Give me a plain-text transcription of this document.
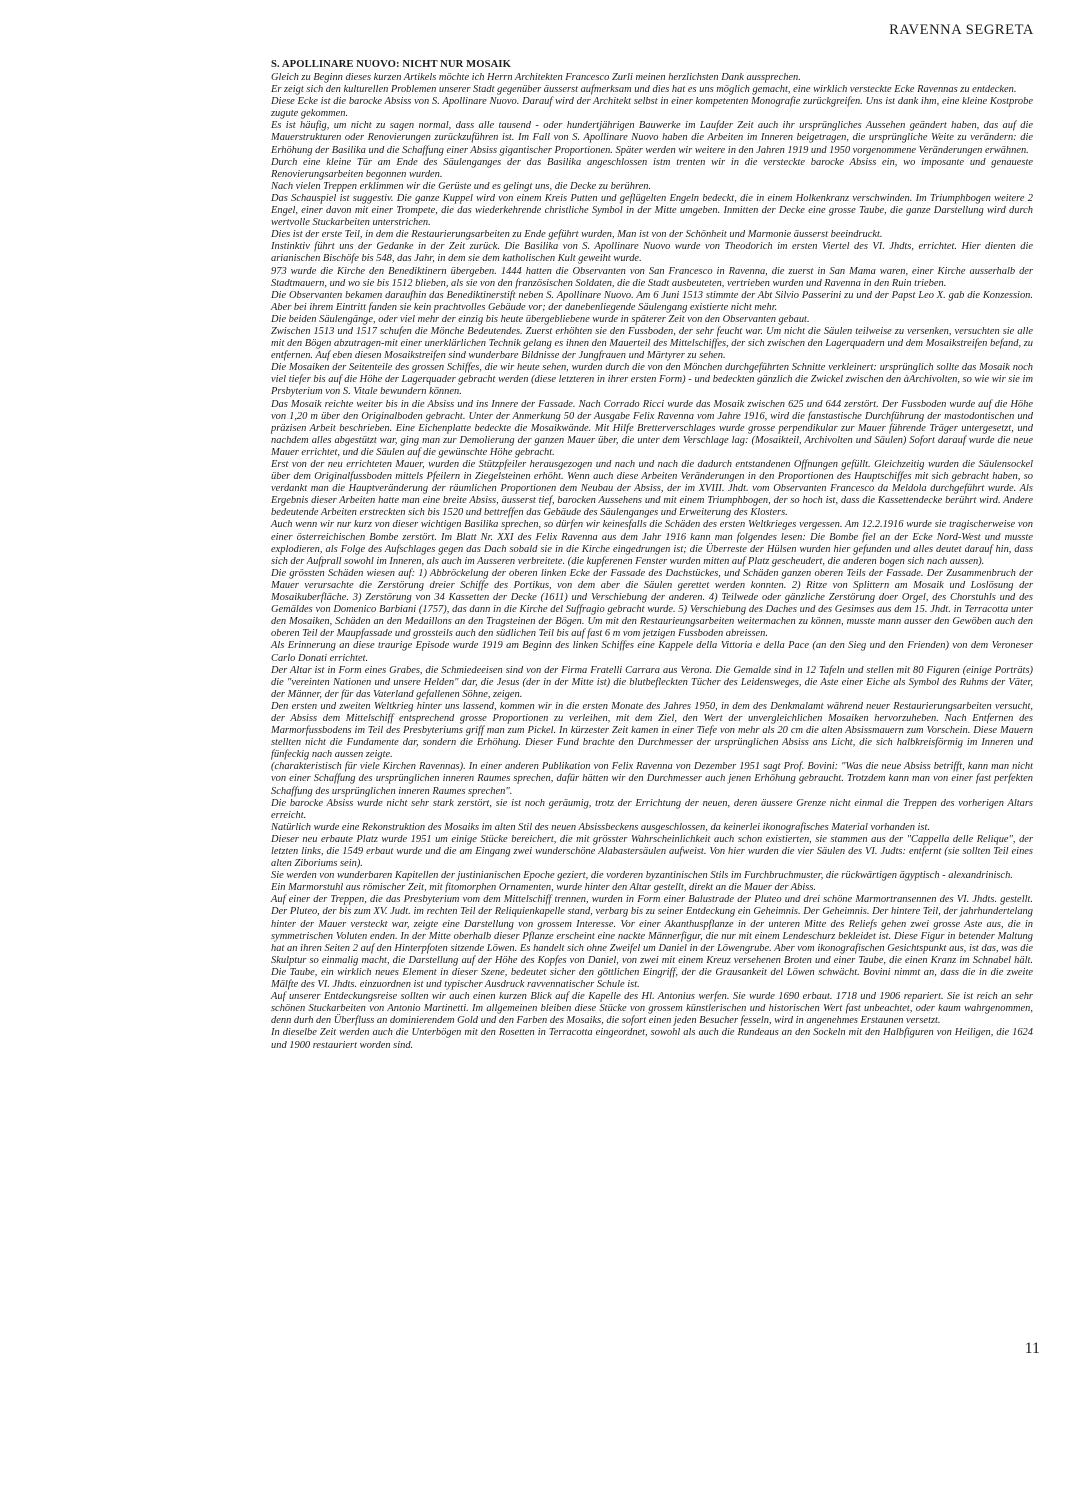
RAVENNA SEGRETA
S. APOLLINARE NUOVO: NICHT NUR MOSAIK

Gleich zu Beginn dieses kurzen Artikels möchte ich Herrn Architekten Francesco Zurli meinen herzlichsten Dank aussprechen.

Er zeigt sich den kulturellen Problemen unserer Stadt gegenüber äusserst aufmerksam und dies hat es uns möglich gemacht, eine wirklich versteckte Ecke Ravennas zu entdecken.

Diese Ecke ist die barocke Absiss von S. Apollinare Nuovo. Darauf wird der Architekt selbst in einer kompetenten Monografie zurückgreifen. Uns ist dank ihm, eine kleine Kostprobe zugute gekommen.

Es ist häufig, um nicht zu sagen normal, dass alle tausend - oder hundertjährigen Bauwerke im Laufder Zeit auch ihr ursprüngliches Aussehen geändert haben, das auf die Mauerstrukturen oder Renovierungen zurückzuführen ist. Im Fall von S. Apollinare Nuovo haben die Arbeiten im Inneren beigetragen, die ursprüngliche Weite zu verändern: die Erhöhung der Basilika und die Schaffung einer Absiss gigantischer Proportionen. Später werden wir weitere in den Jahren 1919 und 1950 vorgenommene Veränderungen erwähnen.

Durch eine kleine Tür am Ende des Säulenganges der das Basilika angeschlossen istm trenten wir in die versteckte barocke Absiss ein, wo imposante und genaueste Renovierungsarbeiten begonnen wurden.

Nach vielen Treppen erklimmen wir die Gerüste und es gelingt uns, die Decke zu berühren.

Das Schauspiel ist suggestiv. Die ganze Kuppel wird von einem Kreis Putten und geflügelten Engeln bedeckt, die in einem Holkenkranz verschwinden. Im Triumphbogen weitere 2 Engel, einer davon mit einer Trompete, die das wiederkehrende christliche Symbol in der Mitte umgeben. Inmitten der Decke eine grosse Taube, die ganze Darstellung wird durch wertvolle Stuckarbeiten unterstrichen.

Dies ist der erste Teil, in dem die Restaurierungsarbeiten zu Ende geführt wurden, Man ist von der Schönheit und Marmonie äusserst beeindruckt.

Instinktiv führt uns der Gedanke in der Zeit zurück. Die Basilika von S. Apollinare Nuovo wurde von Theodorich im ersten Viertel des VI. Jhdts, errichtet. Hier dienten die arianischen Bischöfe bis 548, das Jahr, in dem sie dem katholischen Kult geweiht wurde.

973 wurde die Kirche den Benediktinern übergeben. 1444 hatten die Observanten von San Francesco in Ravenna, die zuerst in San Mama waren, einer Kirche ausserhalb der Stadtmauern, und wo sie bis 1512 blieben, als sie von den französischen Soldaten, die die Stadt ausbeuteten, vertrieben wurden und Ravenna in den Ruin trieben.

Die Observanten bekamen daraufhin das Benediktinerstift neben S. Apollinare Nuovo. Am 6 Juni 1513 stimmte der Abt Silvio Passerini zu und der Papst Leo X. gab die Konzession. Aber bei ihrem Eintritt fanden sie kein prachtvolles Gebäude vor; der danebenliegende Säulengang existierte nicht mehr.

Die beiden Säulengänge, oder viel mehr der einzig bis heute übergebliebene wurde in späterer Zeit von den Observanten gebaut.

Zwischen 1513 und 1517 schufen die Mönche Bedeutendes. Zuerst erhöhten sie den Fussboden, der sehr feucht war. Um nicht die Säulen teilweise zu versenken, versuchten sie alle mit den Bögen abzutragen-mit einer unerklärlichen Technik gelang es ihnen den Mauerteil des Mittelschiffes, der sich zwischen den Lagerquadern und dem Mosaikstreifen befand, zu entfernen. Auf eben diesen Mosaikstreifen sind wunderbare Bildnisse der Jungfrauen und Märtyrer zu sehen.

Die Mosaiken der Seitenteile des grossen Schiffes, die wir heute sehen, wurden durch die von den Mönchen durchgeführten Schnitte verkleinert: ursprünglich sollte das Mosaik noch viel tiefer bis auf die Höhe der Lagerquader gebracht werden (diese letzteren in ihrer ersten Form) - und bedeckten gänzlich die Zwickel zwischen den àArchivolten, so wie wir sie im Prsbyterium von S. Vitale bewundern können.

Das Mosaik reichte weiter bis in die Absiss und ins Innere der Fassade. Nach Corrado Ricci wurde das Mosaik zwischen 625 und 644 zerstört. Der Fussboden wurde auf die Höhe von 1,20 m über den Originalboden gebracht. Unter der Anmerkung 50 der Ausgabe Felix Ravenna vom Jahre 1916, wird die fanstastische Durchführung der mastodontischen und präzisen Arbeit beschrieben. Eine Eichenplatte bedeckte die Mosaikwände. Mit Hilfe Bretterverschlages wurde grosse perpendikular zur Mauer führende Träger untergesetzt, und nachdem alles abgestützt war, ging man zur Demolierung der ganzen Mauer über, die unter dem Verschlage lag: (Mosaikteil, Archivolten und Säulen) Sofort darauf wurde die neue Mauer errichtet, und die Säulen auf die gewünschte Höhe gebracht.

Erst von der neu errichteten Mauer, wurden die Stützpfeiler herausgezogen und nach und nach die dadurch entstandenen Offnungen gefüllt. Gleichzeitig wurden die Säulensockel über dem Originalfussboden mittels Pfeilern in Ziegelsteinen erhöht. Wenn auch diese Arbeiten Veränderungen in den Proportionen des Hauptschiffes mit sich gebracht haben, so verdankt man die Hauptveränderung der räumlichen Proportionen dem Neubau der Absiss, der im XVIII. Jhdt. vom Observanten Francesco da Meldola durchgeführt wurde. Als Ergebnis dieser Arbeiten hatte man eine breite Absiss, äusserst tief, barocken Aussehens und mit einem Triumphbogen, der so hoch ist, dass die Kassettendecke berührt wird. Andere bedeutende Arbeiten erstreckten sich bis 1520 und bettreffen das Gebäude des Säulenganges und Erweiterung des Klosters.

Auch wenn wir nur kurz von dieser wichtigen Basilika sprechen, so dürfen wir keinesfalls die Schäden des ersten Weltkrieges vergessen. Am 12.2.1916 wurde sie tragischerweise von einer österreichischen Bombe zerstört. Im Blatt Nr. XXI des Felix Ravenna aus dem Jahr 1916 kann man folgendes lesen: Die Bombe fiel an der Ecke Nord-West und musste explodieren, als Folge des Aufschlages gegen das Dach sobald sie in die Kirche eingedrungen ist; die Überreste der Hülsen wurden hier gefunden und alles deutet darauf hin, dass sich der Aufprall sowohl im Inneren, als auch im Ausseren verbreitete. (die kupferenen Fenster wurden mitten auf Platz gescheudert, die anderen bogen sich nach aussen).

Die grössten Schäden wiesen auf: 1) Abbröckelung der oberen linken Ecke der Fassade des Dachstückes, und Schäden ganzen oberen Teils der Fassade. Der Zusammenbruch der Mauer verursachte die Zerstörung dreier Schiffe des Portikus, von dem aber die Säulen gerettet werden konnten. 2) Ritze von Splittern am Mosaik und Loslösung der Mosaikuberfläche. 3) Zerstörung von 34 Kassetten der Decke (1611) und Verschiebung der anderen. 4) Teilwede oder gänzliche Zerstörung doer Orgel, des Chorstuhls und des Gemäldes von Domenico Barbiani (1757), das dann in die Kirche del Suffragio gebracht wurde. 5) Verschiebung des Daches und des Gesimses aus dem 15. Jhdt. in Terracotta unter den Mosaiken, Schäden an den Medaillons an den Tragsteinen der Bögen. Um mit den Restaurieungsarbeiten weitermachen zu können, musste mann ausser den Gewöben auch den oberen Teil der Maupfassade und grossteils auch den südlichen Teil bis auf fast 6 m vom jetzigen Fussboden abreissen.

Als Erinnerung an diese traurige Episode wurde 1919 am Beginn des linken Schiffes eine Kappele della Vittoria e della Pace (an den Sieg und den Frienden) von dem Veroneser Carlo Donati errichtet.

Der Altar ist in Form eines Grabes, die Schmiedeeisen sind von der Firma Fratelli Carrara aus Verona. Die Gemalde sind in 12 Tafeln und stellen mit 80 Figuren (einige Porträts) die "vereinten Nationen und unsere Helden" dar, die Jesus (der in der Mitte ist) die blutbefleckten Tücher des Leidensweges, die Aste einer Eiche als Symbol des Ruhms der Väter, der Männer, der für das Vaterland gefallenen Söhne, zeigen.

Den ersten und zweiten Weltkrieg hinter uns lassend, kommen wir in die ersten Monate des Jahres 1950, in dem des Denkmalamt während neuer Restaurierungsarbeiten versucht, der Absiss dem Mittelschiff entsprechend grosse Proportionen zu verleihen, mit dem Ziel, den Wert der unvergleichlichen Mosaiken hervorzuheben. Nach Entfernen des Marmorfussbodens im Teil des Presbyteriums griff man zum Pickel. In kürzester Zeit kamen in einer Tiefe von mehr als 20 cm die alten Absissmauern zum Vorschein. Diese Mauern stellten nicht die Fundamente dar, sondern die Erhöhung. Dieser Fund brachte den Durchmesser der ursprünglichen Absiss ans Licht, die sich halbkreisförmig im Inneren und fünfeckig nach aussen zeigte.

(charakteristisch für viele Kirchen Ravennas). In einer anderen Publikation von Felix Ravenna von Dezember 1951 sagt Prof. Bovini: "Was die neue Absiss betrifft, kann man nicht von einer Schaffung des ursprünglichen inneren Raumes sprechen, dafür hätten wir den Durchmesser auch jenen Erhöhung gebraucht. Trotzdem kann man von einer fast perfekten Schaffung des ursprünglichen inneren Raumes sprechen".

Die barocke Absiss wurde nicht sehr stark zerstört, sie ist noch geräumig, trotz der Errichtung der neuen, deren äussere Grenze nicht einmal die Treppen des vorherigen Altars erreicht.

Natürlich wurde eine Rekonstruktion des Mosaiks im alten Stil des neuen Absissbeckens ausgeschlossen, da keinerlei ikonografisches Material vorhanden ist.

Dieser neu erbaute Platz wurde 1951 um einige Stücke bereichert, die mit grösster Wahrscheinlichkeit auch schon existierten, sie stammen aus der "Cappella delle Relique", der letzten links, die 1549 erbaut wurde und die am Eingang zwei wunderschöne Alabastersäulen aufweist. Von hier wurden die vier Säulen des VI. Judts: entfernt (sie sollten Teil eines alten Ziboriums sein).

Sie werden von wunderbaren Kapitellen der justinianischen Epoche geziert, die vorderen byzantinischen Stils im Furchbruchmuster, die rückwärtigen ägyptisch - alexandrinisch.

Ein Marmorstuhl aus römischer Zeit, mit fitomorphen Ornamenten, wurde hinter den Altar gestellt, direkt an die Mauer der Abiss.

Auf einer der Treppen, die das Presbyterium vom dem Mittelschiff trennen, wurden in Form einer Balustrade der Pluteo und drei schöne Marmortransennen des VI. Jhdts. gestellt. Der Pluteo, der bis zum XV. Judt. im rechten Teil der Reliquienkapelle stand, verbarg bis zu seiner Entdeckung ein Geheimnis. Der Geheimnis. Der hintere Teil, der jahrhundertelang hinter der Mauer versteckt war, zeigte eine Darstellung von grossem Interesse. Vor einer Akanthuspflanze in der unteren Mitte des Reliefs gehen zwei grosse Aste aus, die in symmetrischen Voluten enden. In der Mitte oberhalb dieser Pflanze erscheint eine nackte Männerfigur, die nur mit einem Lendeschurz bekleidet ist. Diese Figur in betender Maltung hat an ihren Seiten 2 auf den Hinterpfoten sitzende Löwen. Es handelt sich ohne Zweifel um Daniel in der Löwengrube. Aber vom ikonografischen Gesichtspunkt aus, ist das, was die Skulptur so einmalig macht, die Darstellung auf der Höhe des Kopfes von Daniel, von zwei mit einem Kreuz versehenen Broten und einer Taube, die einen Kranz im Schnabel hält. Die Taube, ein wirklich neues Element in dieser Szene, bedeutet sicher den göttlichen Eingriff, der die Grausankeit del Löwen schwächt. Bovini nimmt an, dass die in die zweite Mälfte des VI. Jhdts. einzuordnen ist und typischer Ausdruck ravvennatischer Schule ist.

Auf unserer Entdeckungsreise sollten wir auch einen kurzen Blick auf die Kapelle des Hl. Antonius werfen. Sie wurde 1690 erbaut. 1718 und 1906 repariert. Sie ist reich an sehr schönen Stuckarbeiten von Antonio Martinetti. Im allgemeinen bleiben diese Stücke von grossem künstlerischen und historischen Wert fast unbeachtet, oder kaum wahrgenommen, denn durh den Überfluss an dominierendem Gold und den Farben des Mosaiks, die sofort einen jeden Besucher fesseln, wird in angenehmes Erstaunen versetzt.

In dieselbe Zeit werden auch die Unterbögen mit den Rosetten in Terracotta eingeordnet, sowohl als auch die Rundeaus an den Sockeln mit den Halbfiguren von Heiligen, die 1624 und 1900 restauriert worden sind.

11
